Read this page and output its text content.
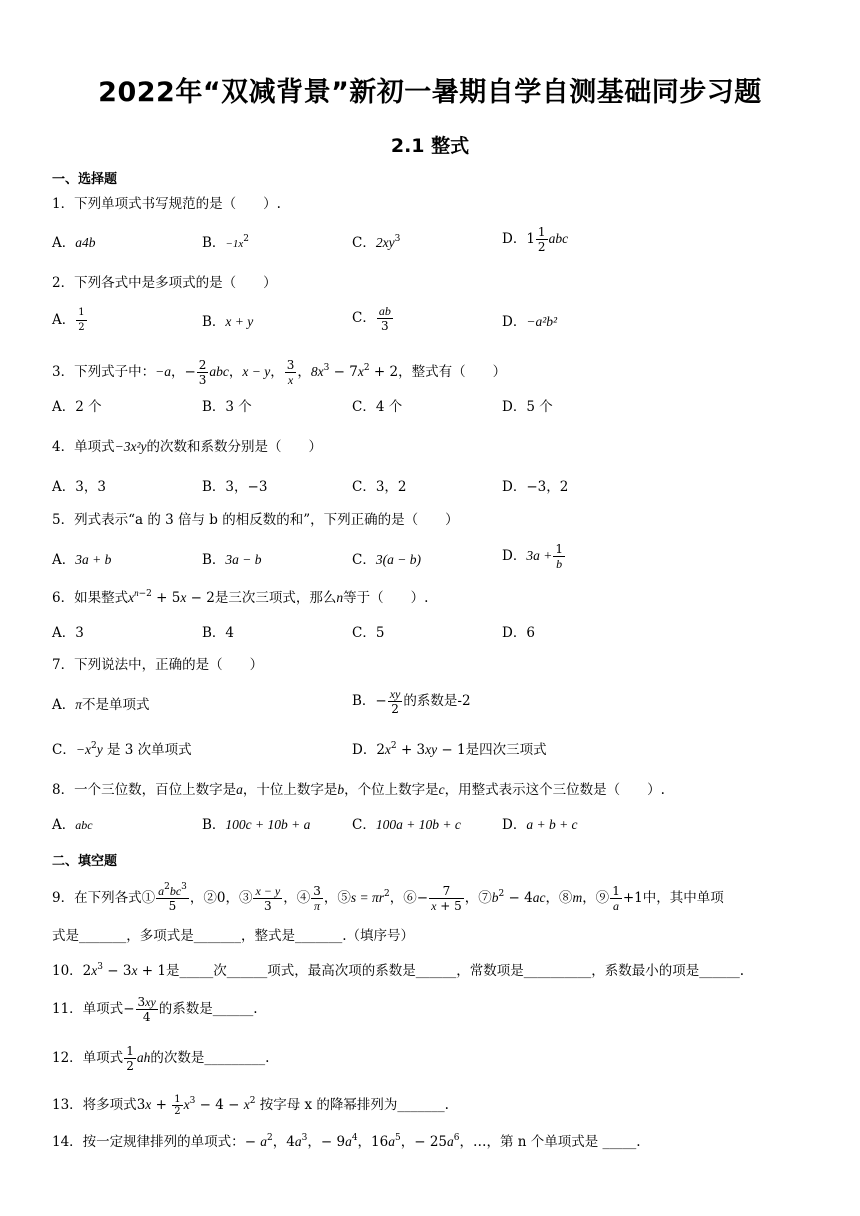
2022年“双减背景”新初一暑期自学自测基础同步习题
2.1 整式
一、选择题
1．下列单项式书写规范的是（　　）.
A．a4b	B．$-1x^2$	C．$2xy^3$	D．$1 \frac{1}{2}$ abc
2．下列各式中是多项式的是（　　）
A． $\frac{1}{2}$	B．x + y	C． $\frac{ab}{3}$	D．−a²b²
3．下列式子中：−a，− $\frac{2}{3}$ abc，x − y， $\frac{3}{x}$ ，$8x^3 - 7x^2 + 2$，整式有（　　）
A．2 个	B．3 个	C．4 个	D．5 个
4．单项式−3x²y的次数和系数分别是（　　）
A．3，3	B．3，−3	C．3，2	D．−3，2
5．列式表示“a 的 3 倍与 b 的相反数的和”，下列正确的是（　　）
A．3a + b	B．3a − b	C．3(a − b)	D．$3a + \frac{1}{b}$
6．如果整式$x^{n-2} + 5x - 2$是三次三项式，那么n等于（　　）.
A．3	B．4	C．5	D．6
7．下列说法中，正确的是（　　）
A．π不是单项式	B．− $\frac{xy}{2}$ 的系数是-2
C．$-x^2y$ 是 3 次单项式	D．$2x^2 + 3xy - 1$是四次三项式
8．一个三位数，百位上数字是a，十位上数字是b，个位上数字是c，用整式表示这个三位数是（　　）.
A．abc	B．100c + 10b + a	C．100a + 10b + c	D．a + b + c
二、填空题
9．在下列各式① $\frac{a^2bc^3}{5}$ ，②0，③ $\frac{x - y}{3}$ ，④ $\frac{3}{\pi}$ ，⑤s = $\pi r^2$，⑥− $\frac{7}{x + 5}$ ，$⑦b^2 - 4ac$，⑧m，⑨ $\frac{1}{a} +1$中，其中单项
式是_______，多项式是_______，整式是_______.（填序号）
10．$2x^3 - 3x + 1$是_____次______项式，最高次项的系数是______，常数项是__________，系数最小的项是______.
11．单项式− $\frac{3xy}{4}$ 的系数是______.
12．单项式 $\frac{1}{2}$ ah的次数是_________.
13．将多项式$3x + \frac{1}{2} x^3 - 4 - x^2$ 按字母 x 的降幂排列为_______.
14．按一定规律排列的单项式：− $a^2$，$4a^3$，− $9a^4$，$16a^5$，− $25a^6$，…，第 n 个单项式是 _____.
